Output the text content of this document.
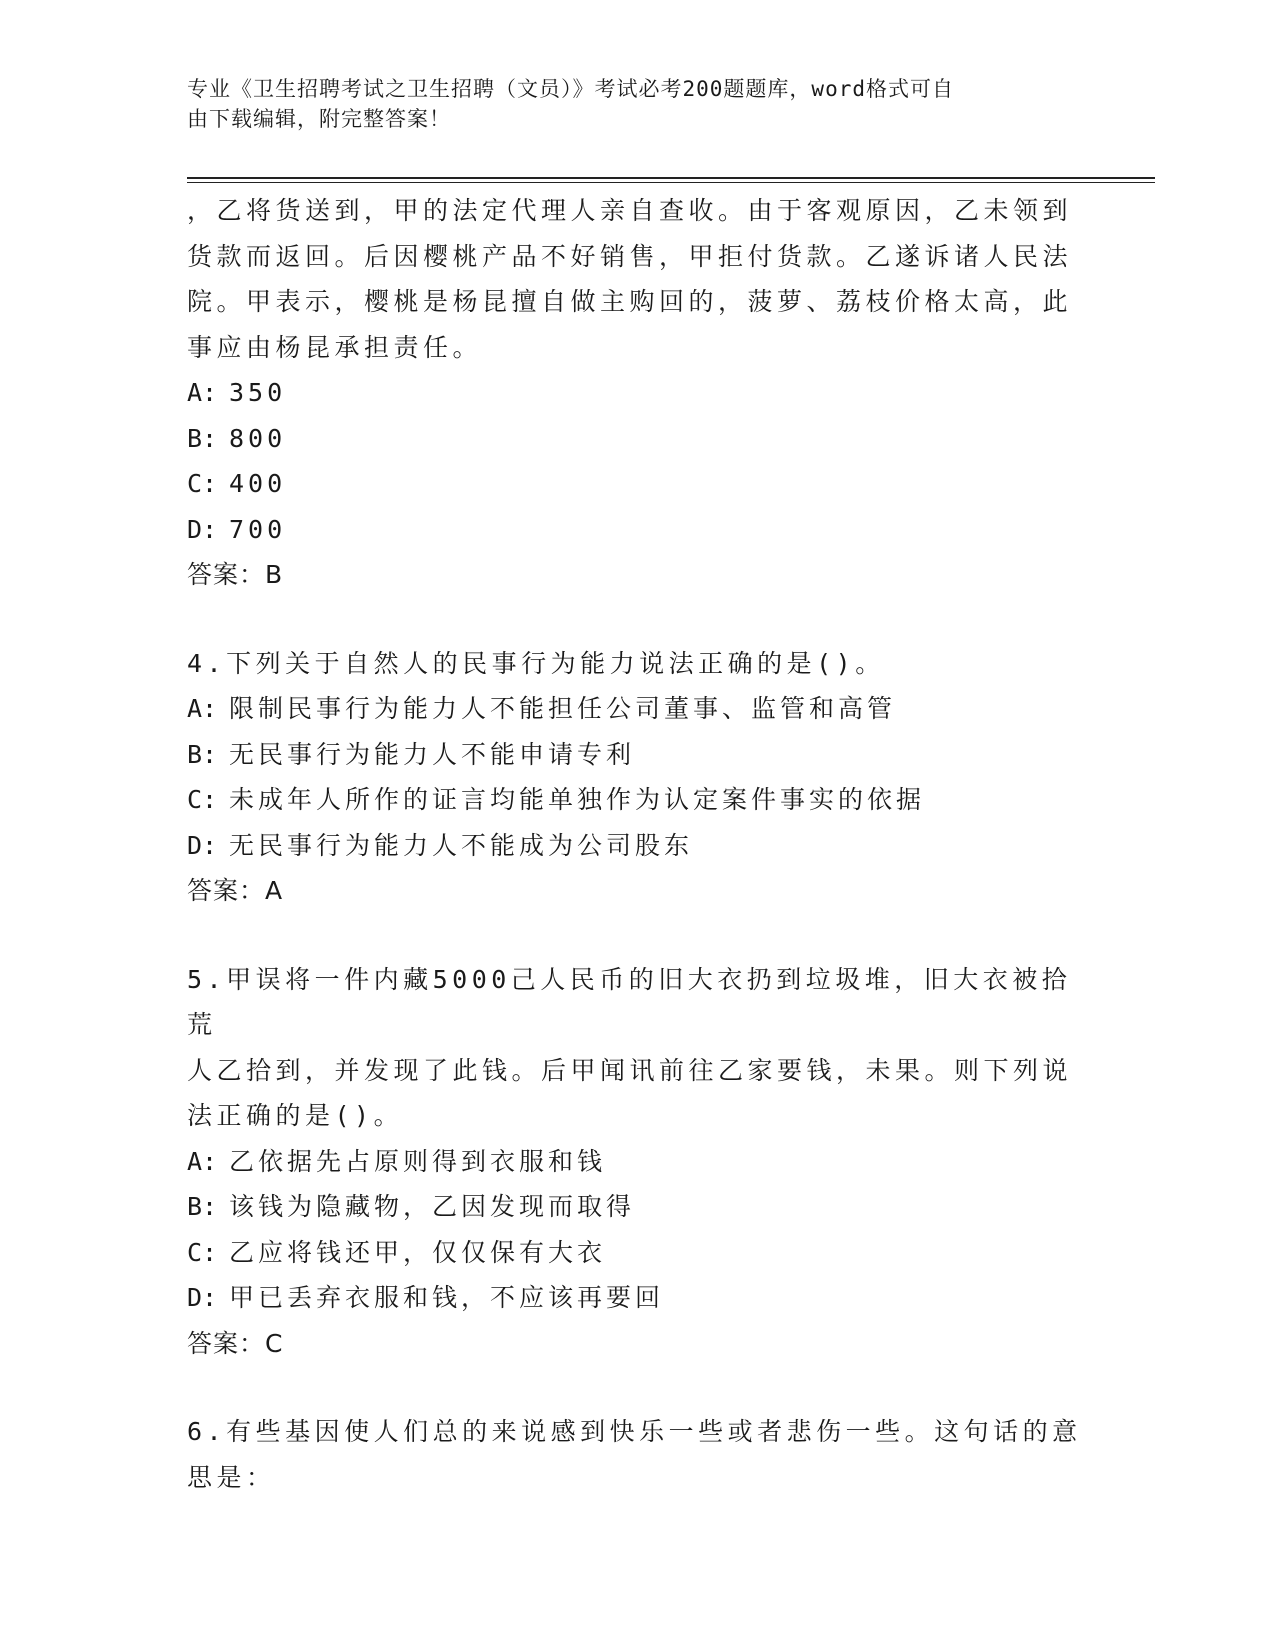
专业《卫生招聘考试之卫生招聘（文员）》考试必考200题题库，word格式可自
由下载编辑，附完整答案！

，乙将货送到，甲的法定代理人亲自查收。由于客观原因，乙未领到

货款而返回。后因樱桃产品不好销售，甲拒付货款。乙遂诉诸人民法

院。甲表示，樱桃是杨昆擅自做主购回的，菠萝、荔枝价格太高，此

事应由杨昆承担责任。

A: 350
B: 800
C: 400
D: 700

答案：B

4.下列关于自然人的民事行为能力说法正确的是()。

A: 限制民事行为能力人不能担任公司董事、监管和高管
B: 无民事行为能力人不能申请专利
C: 未成年人所作的证言均能单独作为认定案件事实的依据
D: 无民事行为能力人不能成为公司股东

答案：A

5.甲误将一件内藏5000己人民币的旧大衣扔到垃圾堆，旧大衣被拾荒

人乙拾到，并发现了此钱。后甲闻讯前往乙家要钱，未果。则下列说

法正确的是()。

A: 乙依据先占原则得到衣服和钱
B: 该钱为隐藏物，乙因发现而取得
C: 乙应将钱还甲，仅仅保有大衣
D: 甲已丢弃衣服和钱，不应该再要回

答案：C

6.有些基因使人们总的来说感到快乐一些或者悲伤一些。这句话的意

思是：
